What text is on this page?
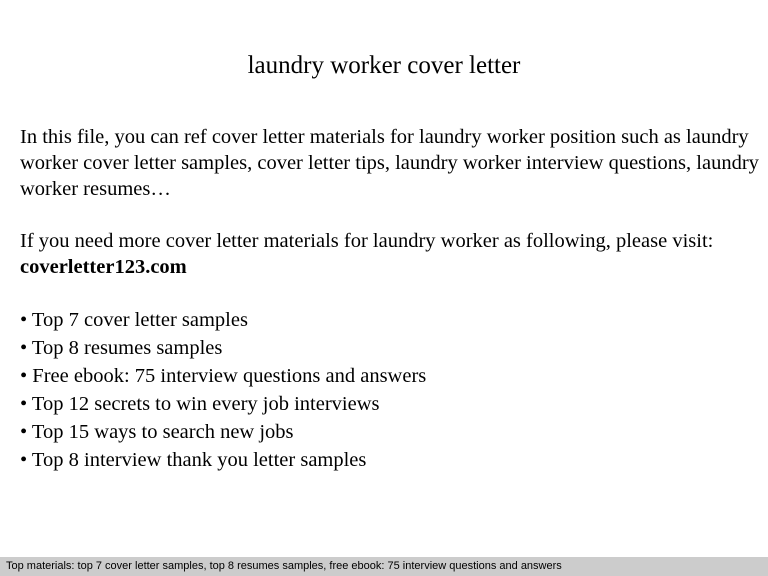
laundry worker cover letter

In this file, you can ref cover letter materials for laundry worker position such as laundry worker cover letter samples, cover letter tips, laundry worker interview questions, laundry worker resumes…

If you need more cover letter materials for laundry worker as following, please visit:
coverletter123.com

• Top 7 cover letter samples
• Top 8 resumes samples
• Free ebook: 75 interview questions and answers
• Top 12 secrets to win every job interviews
• Top 15 ways to search new jobs
• Top 8 interview thank you letter samples
Top materials: top 7 cover letter samples, top 8 resumes samples, free ebook: 75 interview questions and answers
